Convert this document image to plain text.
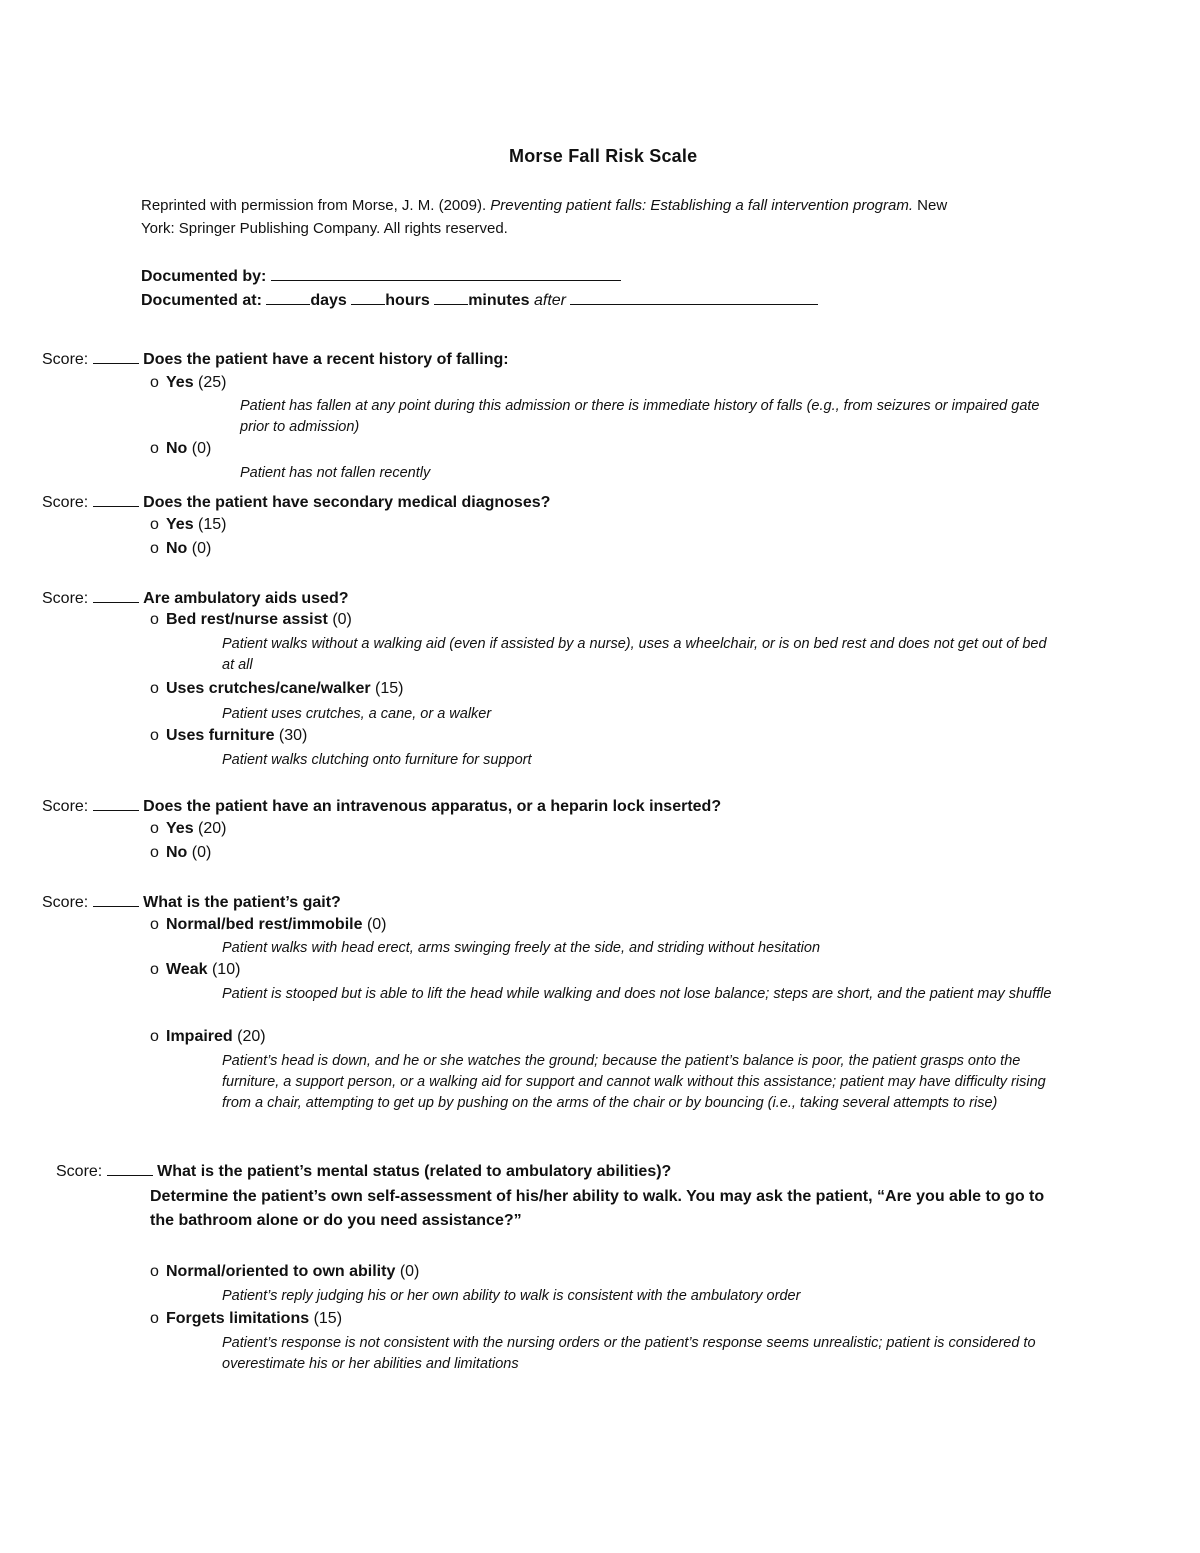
Morse Fall Risk Scale
Reprinted with permission from Morse, J. M. (2009). Preventing patient falls: Establishing a fall intervention program. New
York: Springer Publishing Company. All rights reserved.
Documented by:
Documented at:	days hours minutes after
Score:	Does the patient have a recent history of falling:
o Yes (25)
Patient has fallen at any point during this admission or there is immediate history of falls (e.g., from seizures or impaired gate prior to admission)
o No (0)
Patient has not fallen recently
Score:	Does the patient have secondary medical diagnoses?
o Yes (15)
o No (0)
Score:	Are ambulatory aids used?
o Bed rest/nurse assist (0)
Patient walks without a walking aid (even if assisted by a nurse), uses a wheelchair, or is on bed rest and does not get out of bed at all
o Uses crutches/cane/walker (15)
Patient uses crutches, a cane, or a walker
o Uses furniture (30)
Patient walks clutching onto furniture for support
Score:	Does the patient have an intravenous apparatus, or a heparin lock inserted?
o Yes (20)
o No (0)
Score:	What is the patient’s gait?
o Normal/bed rest/immobile (0)
Patient walks with head erect, arms swinging freely at the side, and striding without hesitation
o Weak (10)
Patient is stooped but is able to lift the head while walking and does not lose balance; steps are short, and the patient may shuffle
o Impaired (20)
Patient’s head is down, and he or she watches the ground; because the patient’s balance is poor, the patient grasps onto the furniture, a support person, or a walking aid for support and cannot walk without this assistance; patient may have difficulty rising from a chair, attempting to get up by pushing on the arms of the chair or by bouncing (i.e., taking several attempts to rise)
Score:	What is the patient’s mental status (related to ambulatory abilities)?
Determine the patient’s own self-assessment of his/her ability to walk. You may ask the patient, “Are you able to go to the bathroom alone or do you need assistance?”
o Normal/oriented to own ability (0)
Patient’s reply judging his or her own ability to walk is consistent with the ambulatory order
o Forgets limitations (15)
Patient’s response is not consistent with the nursing orders or the patient’s response seems unrealistic; patient is considered to overestimate his or her abilities and limitations
